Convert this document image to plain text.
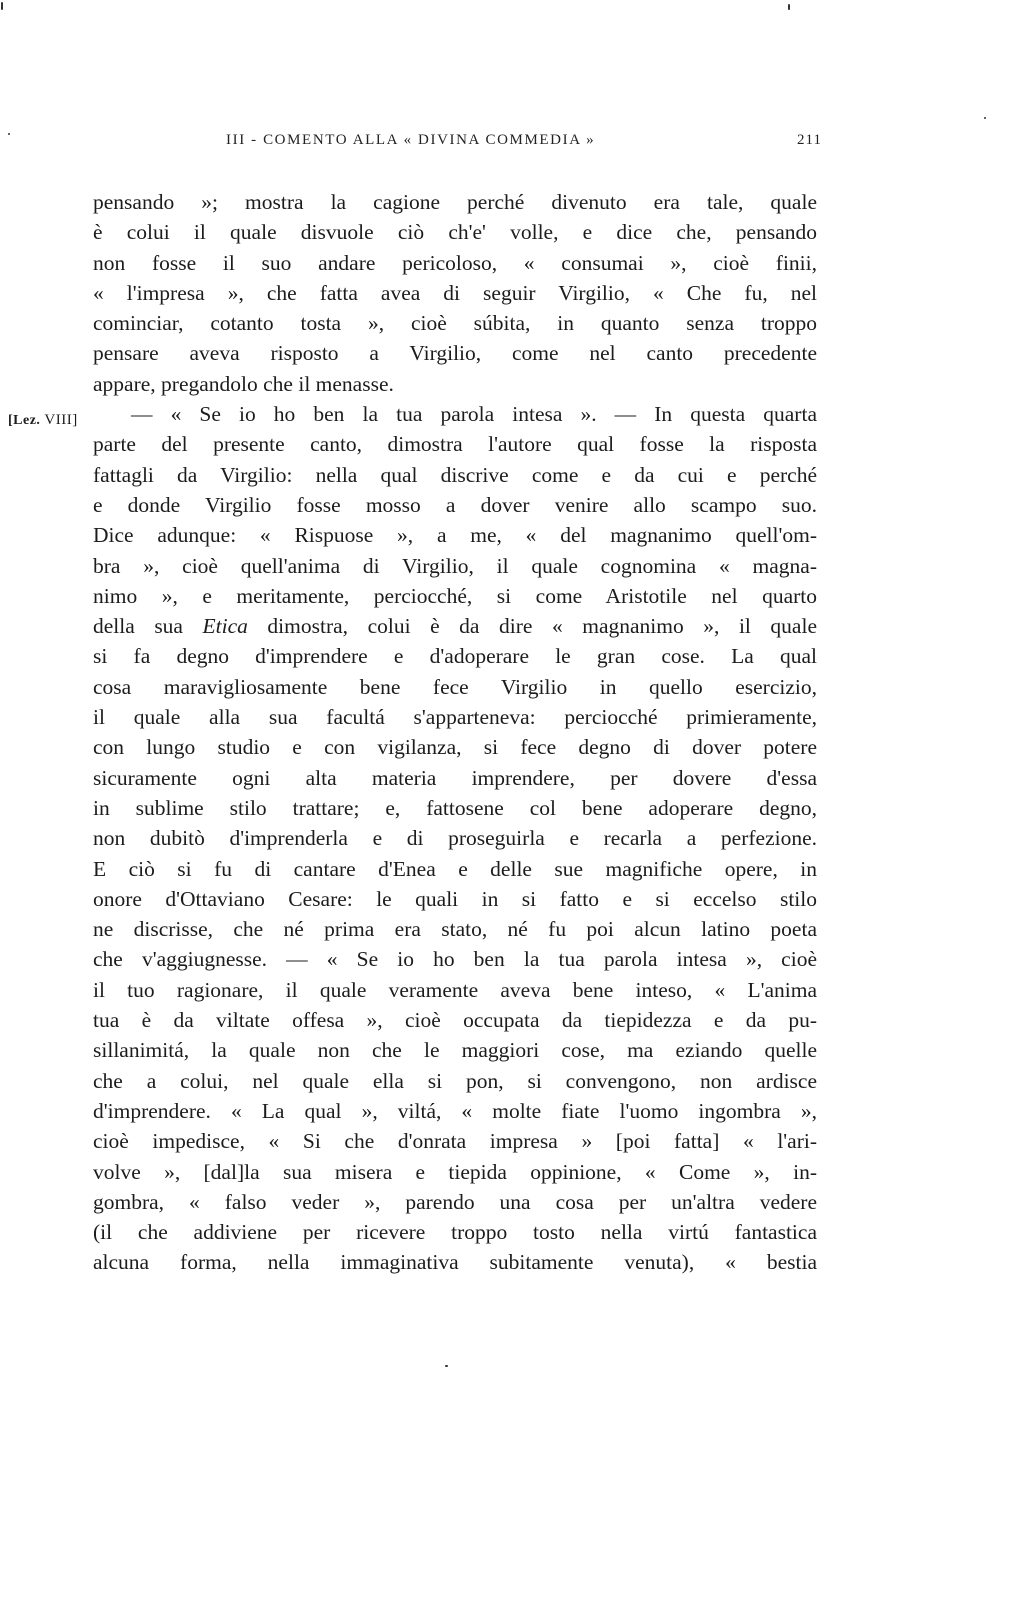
III - COMENTO ALLA « DIVINA COMMEDIA »	211
[Lez. VIII]
pensando »; mostra la cagione perché divenuto era tale, quale
è colui il quale disvuole ciò ch'e' volle, e dice che, pensando
non fosse il suo andare pericoloso, « consumai », cioè finii,
« l'impresa », che fatta avea di seguir Virgilio, « Che fu, nel
cominciar, cotanto tosta », cioè súbita, in quanto senza troppo
pensare aveva risposto a Virgilio, come nel canto precedente
appare, pregandolo che il menasse.
— « Se io ho ben la tua parola intesa ». — In questa quarta
parte del presente canto, dimostra l'autore qual fosse la risposta
fattagli da Virgilio: nella qual discrive come e da cui e perché
e donde Virgilio fosse mosso a dover venire allo scampo suo.
Dice adunque: « Rispuose », a me, « del magnanimo quell'om-
bra », cioè quell'anima di Virgilio, il quale cognomina « magna-
nimo », e meritamente, perciocché, si come Aristotile nel quarto
della sua Etica dimostra, colui è da dire « magnanimo », il quale
si fa degno d'imprendere e d'adoperare le gran cose. La qual
cosa maravigliosamente bene fece Virgilio in quello esercizio,
il quale alla sua facultá s'apparteneva: perciocché primieramente,
con lungo studio e con vigilanza, si fece degno di dover potere
sicuramente ogni alta materia imprendere, per dovere d'essa
in sublime stilo trattare; e, fattosene col bene adoperare degno,
non dubitò d'imprenderla e di proseguirla e recarla a perfezione.
E ciò si fu di cantare d'Enea e delle sue magnifiche opere, in
onore d'Ottaviano Cesare: le quali in si fatto e si eccelso stilo
ne discrisse, che né prima era stato, né fu poi alcun latino poeta
che v'aggiugnesse. — « Se io ho ben la tua parola intesa », cioè
il tuo ragionare, il quale veramente aveva bene inteso, « L'anima
tua è da viltate offesa », cioè occupata da tiepidezza e da pu-
sillanimitá, la quale non che le maggiori cose, ma eziando quelle
che a colui, nel quale ella si pon, si convengono, non ardisce
d'imprendere. « La qual », viltá, « molte fiate l'uomo ingombra »,
cioè impedisce, « Si che d'onrata impresa » [poi fatta] « l'ari-
volve », [dal]la sua misera e tiepida oppinione, « Come », in-
gombra, « falso veder », parendo una cosa per un'altra vedere
(il che addiviene per ricevere troppo tosto nella virtú fantastica
alcuna forma, nella immaginativa subitamente venuta), « bestia
